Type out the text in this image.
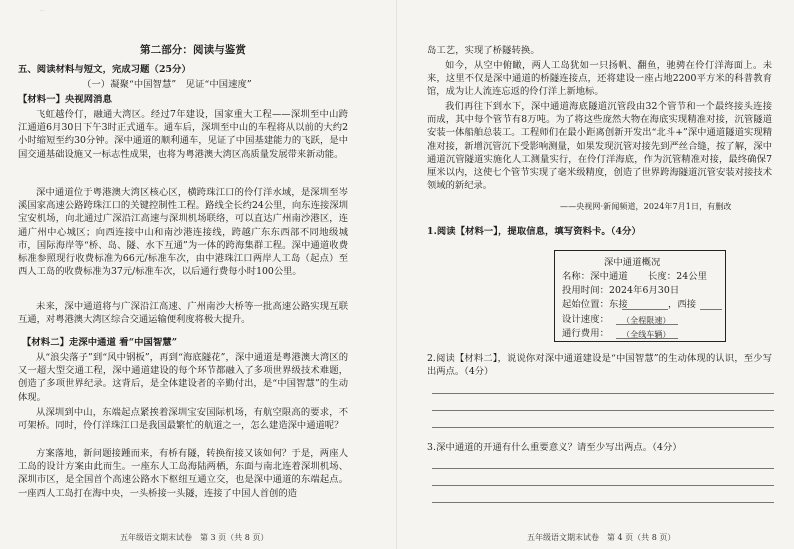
⎯
第二部分：阅读与鉴赏
五、阅读材料与短文，完成习题（25分）
（一）凝聚“中国智慧”　见证“中国速度”
【材料一】央视网消息
飞虹越伶仃，融通大湾区。经过7年建设，国家重大工程——深圳至中山跨江通道6月30日下午3时正式通车。通车后，深圳至中山的车程将从以前的大约2小时缩短至约30分钟。深中通道的顺利通车，见证了中国基建能力的飞跃，是中国交通基础设施又一标志性成果，也将为粤港澳大湾区高质量发展带来新动能。
深中通道位于粤港澳大湾区核心区，横跨珠江口的伶仃洋水域，是深圳至岑溪国家高速公路跨珠江口的关键控制性工程。路线全长约24公里，向东连接深圳宝安机场，向北通过广深沿江高速与深圳机场联络，可以直达广州南沙港区，连通广州中心城区；向西连接中山和南沙港连接线，跨越广东东西部不同地级城市，国际海岸等“桥、岛、隧、水下互通”为一体的跨海集群工程。深中通道收费标准参照现行收费标准为66元/标准车次，由中港珠江口两岸人工岛（起点）至西人工岛的收费标准为37元/标准车次，以后通行费每小时100公里。
未来，深中通道将与广深沿江高速、广州南沙大桥等一批高速公路实现互联互通，对粤港澳大湾区综合交通运输便利度将极大提升。
【材料二】走深中通道 看“中国智慧”
从“浪尖落子”到“风中钢板”，再到“海底隧花”，深中通道是粤港澳大湾区的又一超大型交通工程，深中通道建设的每个环节都融入了多项世界级技术难题，创造了多项世界纪录。这背后，是全体建设者的辛勤付出，是“中国智慧”的生动体现。
从深圳到中山，东端起点紧挨着深圳宝安国际机场，有航空限高的要求，不可架桥。同时，伶仃洋珠江口是我国最繁忙的航道之一，怎么建造深中通道呢？
方案落地，新问题接踵而来，有桥有隧，转换衔接又该如何？于是，两座人工岛的设计方案由此而生。一座东人工岛海陆两栖，东面与南北连着深圳机场、深圳市区，是全国首个高速公路水下枢纽互通立交，也是深中通道的东端起点。一座西人工岛打在海中央，一头桥接一头隧，连接了中国人首创的造
五年级语文期末试卷　第 3 页（共 8 页）
岛工艺，实现了桥隧转换。
如今，从空中俯瞰，两人工岛犹如一只扬帆、翻鱼，驰骋在伶仃洋海面上。未来，这里不仅是深中通道的桥隧连接点，还将建设一座占地2200平方米的科普教育馆，成为让人流连忘返的伶仃洋上新地标。
我们再往下到水下，深中通道海底隧道沉管段由32个管节和一个最终接头连接而成，其中每个管节有8万吨。为了将这些庞然大物在海底实现精准对接，沉管隧道安装一体船舶总装工。工程师们在最小距离创新开发出“北斗+”深中通道隧道实现精准对接，新增沉管沉下受影响测量，如果发现沉管对接先到严丝合缝，按了解，深中通道沉管隧道实施化人工测量实行，在伶仃洋海底，作为沉管精准对接，最终确保7厘米以内，这使七个管节实现了毫米级精度，创造了世界跨海隧道沉管安装对接技术领域的新纪录。
——央视网·新闻频道，2024年7月1日，有删改
1.阅读【材料一】，提取信息，填写资料卡。（4分）
深中通道概况
名称：深中通道 长度：24公里
投用时间：2024年6月30日
起始位置：东接	，西接
设计速度： （全程限速）
通行费用： （全线车辆）
2.阅读【材料二】，说说你对深中通道建设是“中国智慧”的生动体现的认识，至少写出两点。（4分）
3.深中通道的开通有什么重要意义？请至少写出两点。（4分）
五年级语文期末试卷　第 4 页（共 8 页）
